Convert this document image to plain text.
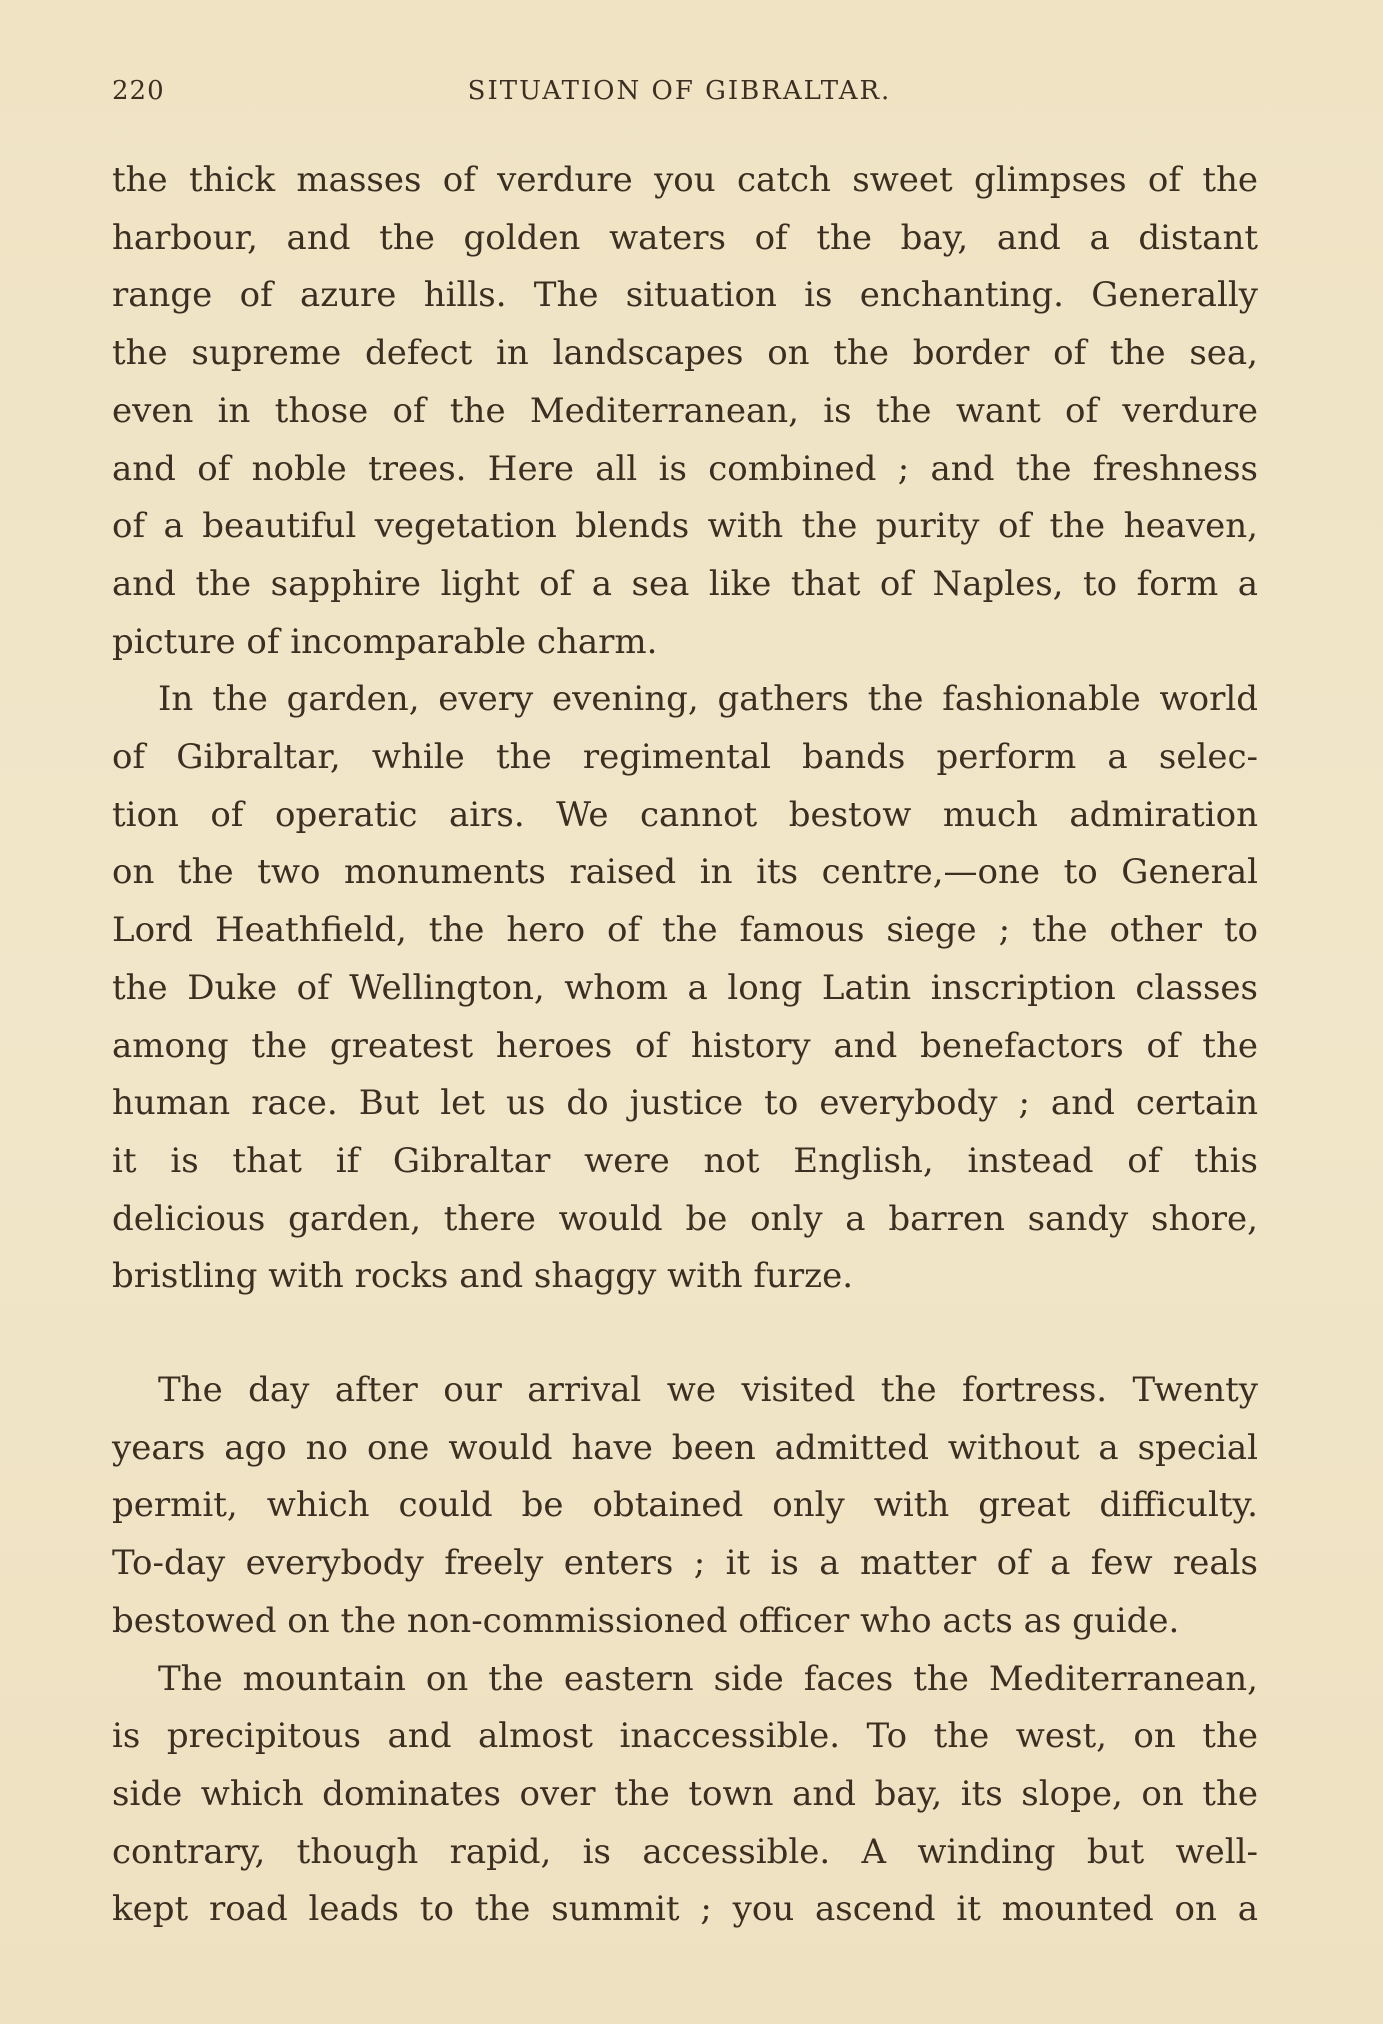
220	SITUATION OF GIBRALTAR.

the thick masses of verdure you catch sweet glimpses of the
harbour, and the golden waters of the bay, and a distant
range of azure hills. The situation is enchanting. Generally
the supreme defect in landscapes on the border of the sea,
even in those of the Mediterranean, is the want of verdure
and of noble trees. Here all is combined ; and the freshness
of a beautiful vegetation blends with the purity of the heaven,
and the sapphire light of a sea like that of Naples, to form a
picture of incomparable charm.

In the garden, every evening, gathers the fashionable world
of Gibraltar, while the regimental bands perform a selec-
tion of operatic airs. We cannot bestow much admiration
on the two monuments raised in its centre,—one to General
Lord Heathfield, the hero of the famous siege ; the other to
the Duke of Wellington, whom a long Latin inscription classes
among the greatest heroes of history and benefactors of the
human race. But let us do justice to everybody ; and certain
it is that if Gibraltar were not English, instead of this
delicious garden, there would be only a barren sandy shore,
bristling with rocks and shaggy with furze.

The day after our arrival we visited the fortress. Twenty
years ago no one would have been admitted without a special
permit, which could be obtained only with great difficulty.
To-day everybody freely enters ; it is a matter of a few reals
bestowed on the non-commissioned officer who acts as guide.

The mountain on the eastern side faces the Mediterranean,
is precipitous and almost inaccessible. To the west, on the
side which dominates over the town and bay, its slope, on the
contrary, though rapid, is accessible. A winding but well-
kept road leads to the summit ; you ascend it mounted on a
